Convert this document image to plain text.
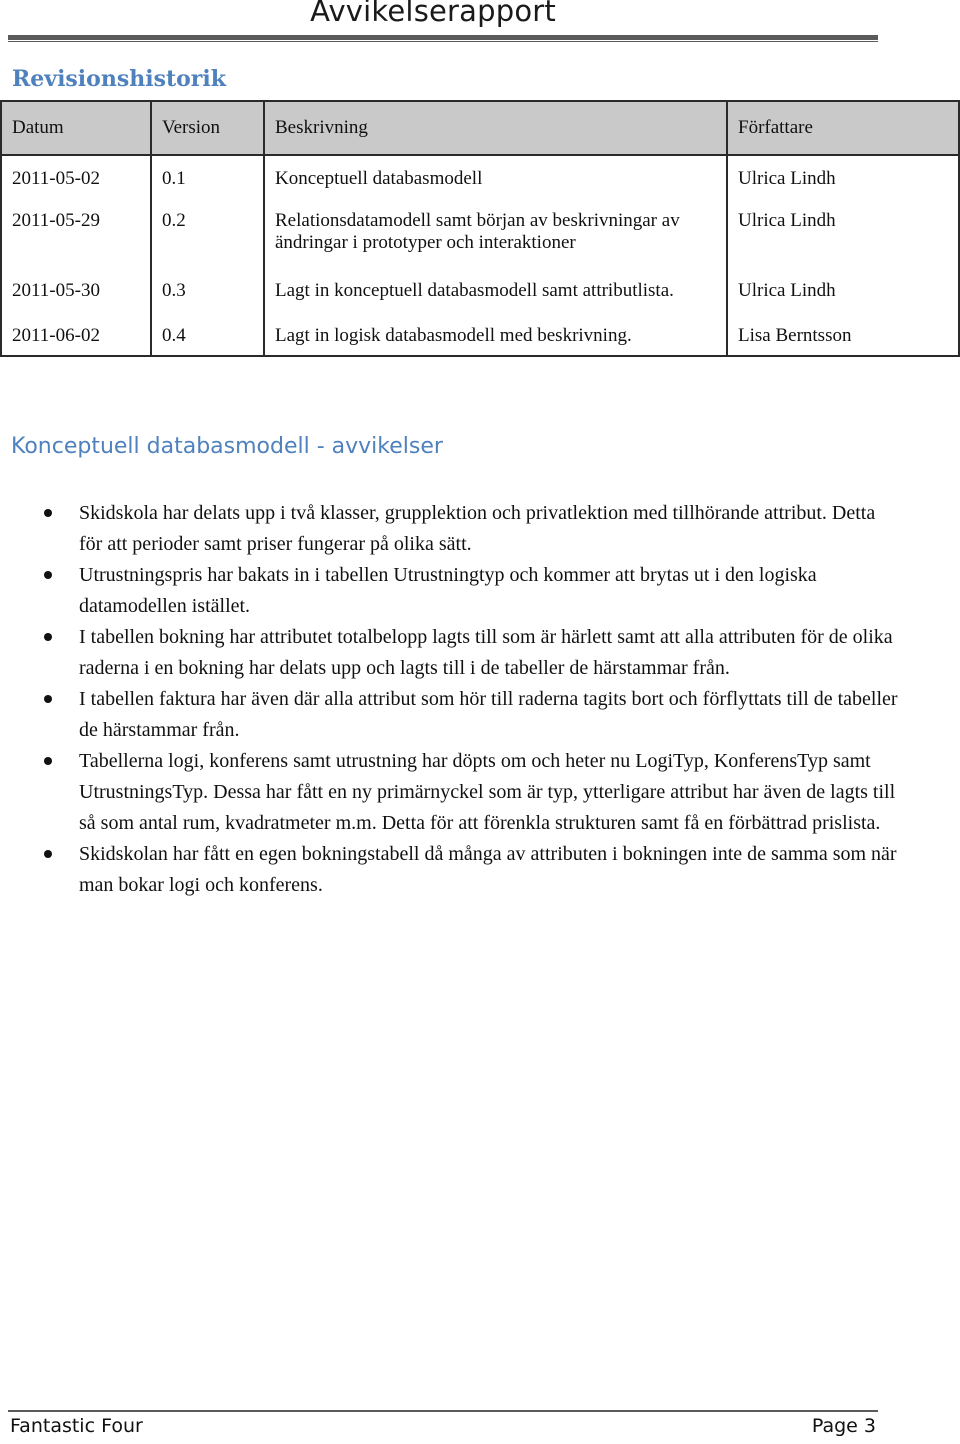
Avvikelserapport
Revisionshistorik
Datum	Version	Beskrivning	Författare
2011-05-02	0.1	Konceptuell databasmodell	Ulrica Lindh
2011-05-29	0.2	Relationsdatamodell samt början av beskrivningar av ändringar i prototyper och interaktioner	Ulrica Lindh
2011-05-30	0.3	Lagt in konceptuell databasmodell samt attributlista.	Ulrica Lindh
2011-06-02	0.4	Lagt in logisk databasmodell med beskrivning.	Lisa Berntsson
Konceptuell databasmodell - avvikelser
Skidskola har delats upp i två klasser, grupplektion och privatlektion med tillhörande attribut. Detta för att perioder samt priser fungerar på olika sätt.
Utrustningspris har bakats in i tabellen Utrustningtyp och kommer att brytas ut i den logiska datamodellen istället.
I tabellen bokning har attributet totalbelopp lagts till som är härlett samt att alla attributen för de olika raderna i en bokning har delats upp och lagts till i de tabeller de härstammar från.
I tabellen faktura har även där alla attribut som hör till raderna tagits bort och förflyttats till de tabeller de härstammar från.
Tabellerna logi, konferens samt utrustning har döpts om och heter nu LogiTyp, KonferensTyp samt UtrustningsTyp. Dessa har fått en ny primärnyckel som är typ, ytterligare attribut har även de lagts till så som antal rum, kvadratmeter m.m. Detta för att förenkla strukturen samt få en förbättrad prislista.
Skidskolan har fått en egen bokningstabell då många av attributen i bokningen inte de samma som när man bokar logi och konferens.
Fantastic Four	Page 3
